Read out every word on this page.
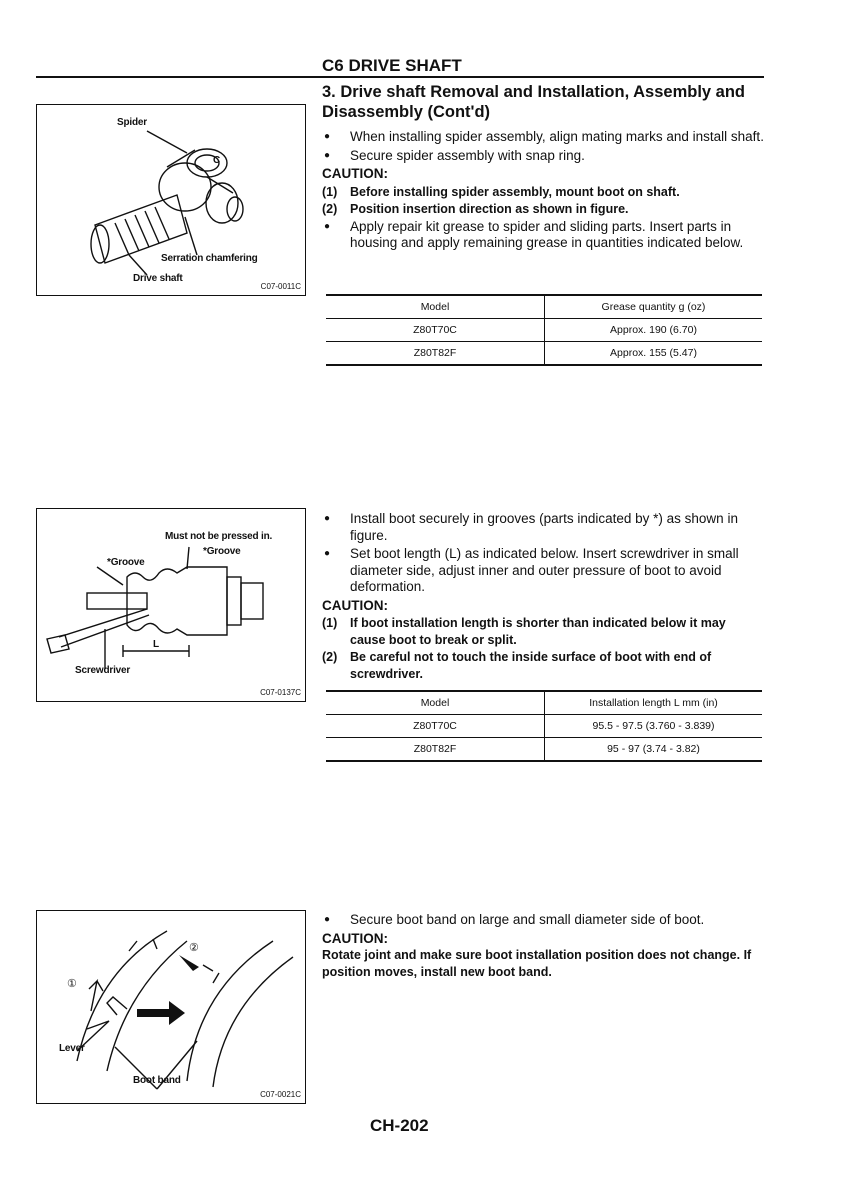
C6 DRIVE SHAFT
3. Drive shaft Removal and Installation, Assembly and Disassembly (Cont'd)
Spider
C
Serration chamfering
Drive shaft
C07-0011C
● When installing spider assembly, align mating marks and install shaft.
● Secure spider assembly with snap ring.
CAUTION:
(1) Before installing spider assembly, mount boot on shaft.
(2) Position insertion direction as shown in figure.
● Apply repair kit grease to spider and sliding parts. Insert parts in housing and apply remaining grease in quantities indicated below.
Model	Grease quantity g (oz)
Z80T70C	Approx. 190 (6.70)
Z80T82F	Approx. 155 (5.47)
Must not be pressed in.
*Groove
*Groove
L
Screwdriver
C07-0137C
● Install boot securely in grooves (parts indicated by *) as shown in figure.
● Set boot length (L) as indicated below. Insert screwdriver in small diameter side, adjust inner and outer pressure of boot to avoid deformation.
CAUTION:
(1) If boot installation length is shorter than indicated below it may cause boot to break or split.
(2) Be careful not to touch the inside surface of boot with end of screwdriver.
Model	Installation length L mm (in)
Z80T70C	95.5 - 97.5 (3.760 - 3.839)
Z80T82F	95 - 97 (3.74 - 3.82)
①
②
Lever
Boot band
C07-0021C
● Secure boot band on large and small diameter side of boot.
CAUTION:
Rotate joint and make sure boot installation position does not change. If position moves, install new boot band.
CH-202
